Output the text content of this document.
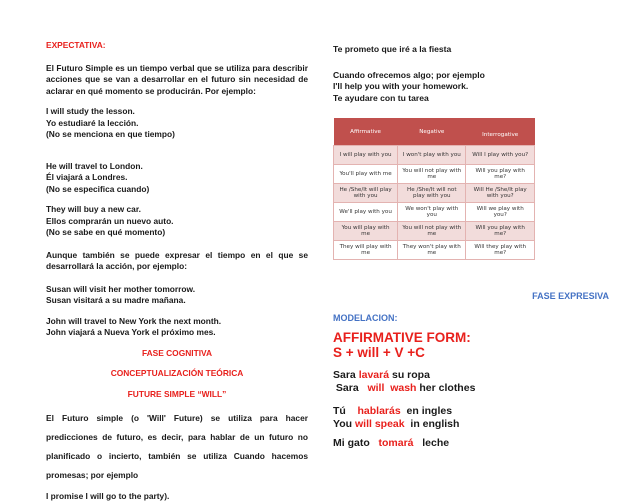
EXPECTATIVA:

El Futuro Simple es un tiempo verbal que se utiliza para describir acciones que se van a desarrollar en el futuro sin necesidad de aclarar en qué momento se producirán. Por ejemplo:

I will study the lesson.

Yo estudiaré la lección.

(No se menciona en que tiempo)

He will travel to London.

Él viajará a Londres.

(No se especifica cuando)

They will buy a new car.

Ellos comprarán un nuevo auto.

(No se sabe en qué momento)

Aunque también se puede expresar el tiempo en el que se desarrollará la acción, por ejemplo:

Susan will visit her mother tomorrow.

Susan visitará a su madre mañana.

John will travel to New York the next month.

John viajará a Nueva York el próximo mes.

FASE COGNITIVA

CONCEPTUALIZACIÓN TEÓRICA

FUTURE SIMPLE “WILL”

El Futuro simple (o 'Will' Future) se utiliza para hacer predicciones de futuro, es decir, para hablar de un futuro no planificado o incierto, también se utiliza Cuando hacemos promesas; por ejemplo

I promise I will go to the party).

Te prometo que iré a la fiesta

Cuando ofrecemos algo; por ejemplo

I'll help you with your homework.

Te ayudare con tu tarea

Affirmative	Negative	Interrogative
I will play with you	I won't play with you	Will I play with you?
You'll play with me	You will not play with me	Will you play with me?
He /She/It will play with you	He /She/It will not play with you	Will He /She/It play with you?
We'll play with you	We won't play with you	Will we play with you?
You will play with me	You will not play with me	Will you play with me?
They will play with me	They won't play with me	Will they play with me?
FASE EXPRESIVA
MODELACION:
AFFIRMATIVE FORM:
S + will + V +C
Sara lavará su ropa
Sara   will  wash her clothes
Tú    hablarás  en ingles
You will speak  in english
Mi gato   tomará   leche
